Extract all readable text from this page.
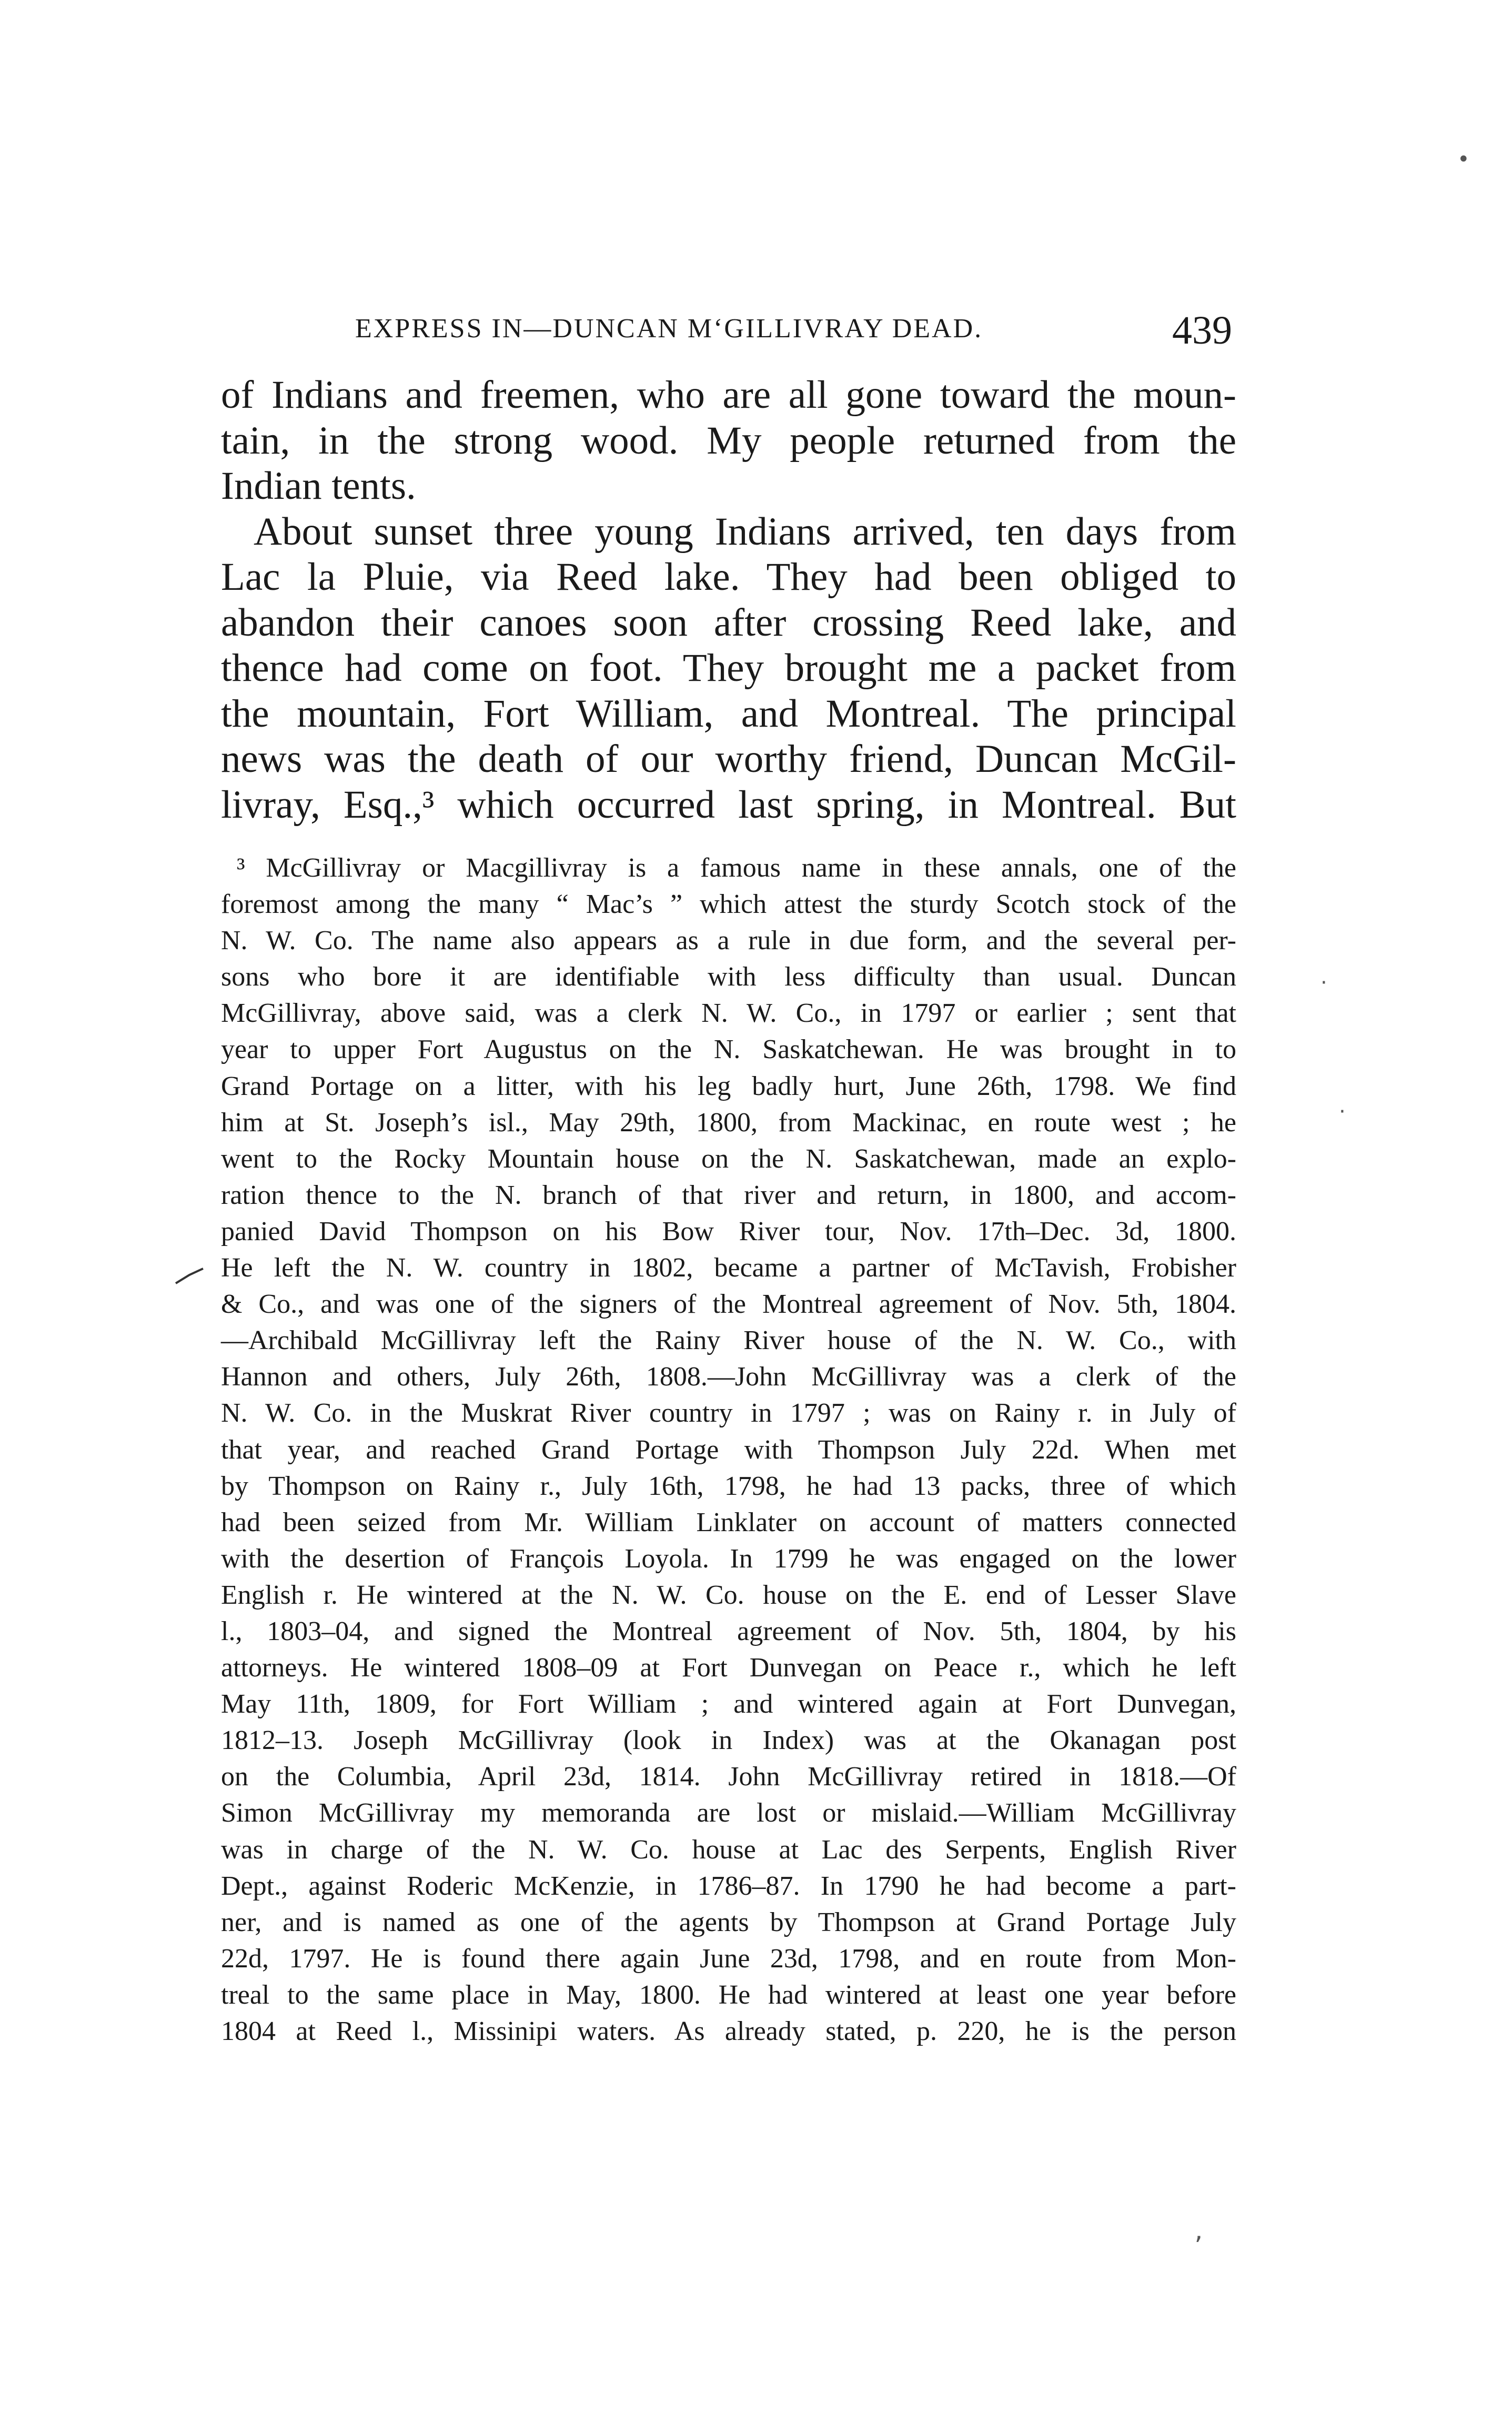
EXPRESS IN—DUNCAN M‘GILLIVRAY DEAD.	439
of Indians and freemen, who are all gone toward the moun-
tain, in the strong wood. My people returned from the
Indian tents.
About sunset three young Indians arrived, ten days from
Lac la Pluie, via Reed lake. They had been obliged to
abandon their canoes soon after crossing Reed lake, and
thence had come on foot. They brought me a packet from
the mountain, Fort William, and Montreal. The principal
news was the death of our worthy friend, Duncan McGil-
livray, Esq.,³ which occurred last spring, in Montreal. But
³ McGillivray or Macgillivray is a famous name in these annals, one of the
foremost among the many “ Mac’s ” which attest the sturdy Scotch stock of the
N. W. Co. The name also appears as a rule in due form, and the several per-
sons who bore it are identifiable with less difficulty than usual. Duncan
McGillivray, above said, was a clerk N. W. Co., in 1797 or earlier ; sent that
year to upper Fort Augustus on the N. Saskatchewan. He was brought in to
Grand Portage on a litter, with his leg badly hurt, June 26th, 1798. We find
him at St. Joseph’s isl., May 29th, 1800, from Mackinac, en route west ; he
went to the Rocky Mountain house on the N. Saskatchewan, made an explo-
ration thence to the N. branch of that river and return, in 1800, and accom-
panied David Thompson on his Bow River tour, Nov. 17th–Dec. 3d, 1800.
He left the N. W. country in 1802, became a partner of McTavish, Frobisher
& Co., and was one of the signers of the Montreal agreement of Nov. 5th, 1804.
—Archibald McGillivray left the Rainy River house of the N. W. Co., with
Hannon and others, July 26th, 1808.—John McGillivray was a clerk of the
N. W. Co. in the Muskrat River country in 1797 ; was on Rainy r. in July of
that year, and reached Grand Portage with Thompson July 22d. When met
by Thompson on Rainy r., July 16th, 1798, he had 13 packs, three of which
had been seized from Mr. William Linklater on account of matters connected
with the desertion of François Loyola. In 1799 he was engaged on the lower
English r. He wintered at the N. W. Co. house on the E. end of Lesser Slave
l., 1803–04, and signed the Montreal agreement of Nov. 5th, 1804, by his
attorneys. He wintered 1808–09 at Fort Dunvegan on Peace r., which he left
May 11th, 1809, for Fort William ; and wintered again at Fort Dunvegan,
1812–13. Joseph McGillivray (look in Index) was at the Okanagan post
on the Columbia, April 23d, 1814. John McGillivray retired in 1818.—Of
Simon McGillivray my memoranda are lost or mislaid.—William McGillivray
was in charge of the N. W. Co. house at Lac des Serpents, English River
Dept., against Roderic McKenzie, in 1786–87. In 1790 he had become a part-
ner, and is named as one of the agents by Thompson at Grand Portage July
22d, 1797. He is found there again June 23d, 1798, and en route from Mon-
treal to the same place in May, 1800. He had wintered at least one year before
1804 at Reed l., Missinipi waters. As already stated, p. 220, he is the person
•
·
·
ʼ
